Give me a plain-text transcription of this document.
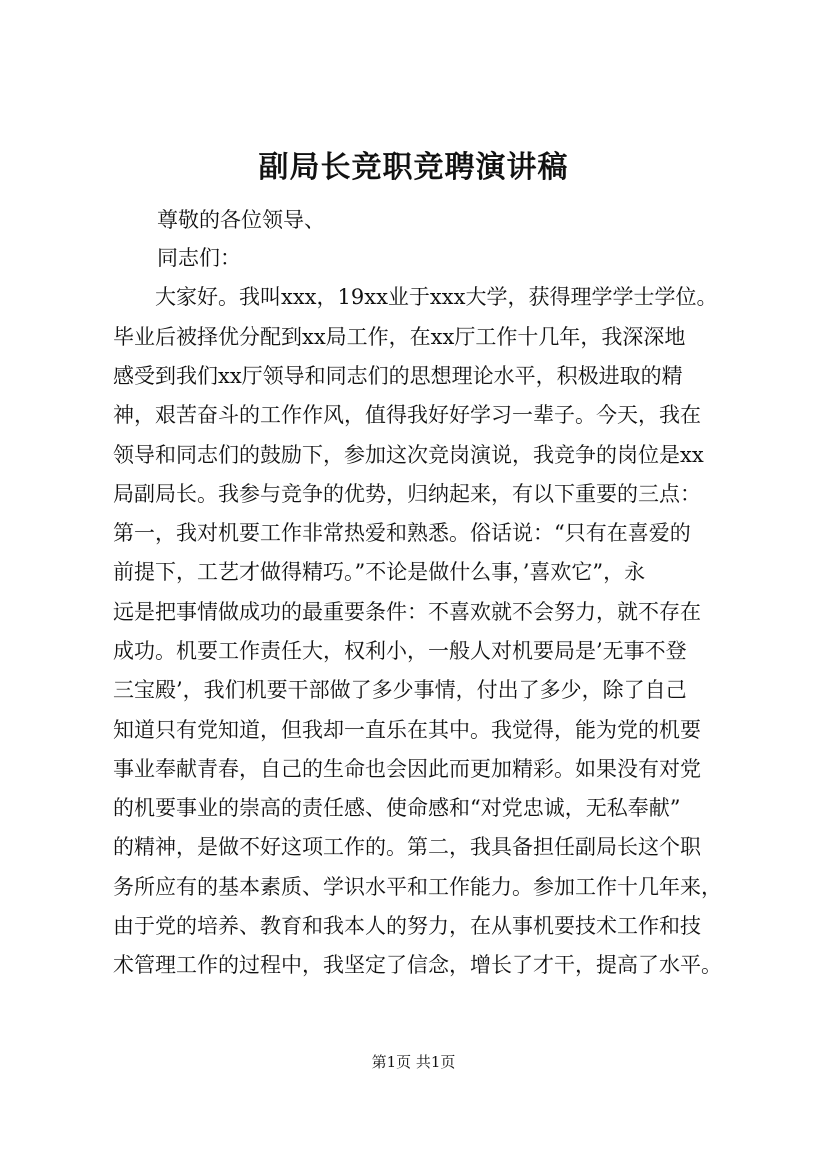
副局长竞职竞聘演讲稿
尊敬的各位领导、
同志们：
大家好。我叫xxx，19xx业于xxx大学，获得理学学士学位。
毕业后被择优分配到xx局工作，在xx厅工作十几年，我深深地
感受到我们xx厅领导和同志们的思想理论水平，积极进取的精
神，艰苦奋斗的工作作风，值得我好好学习一辈子。今天，我在
领导和同志们的鼓励下，参加这次竞岗演说，我竞争的岗位是xx
局副局长。我参与竞争的优势，归纳起来，有以下重要的三点：
第一，我对机要工作非常热爱和熟悉。俗话说：“只有在喜爱的
前提下，工艺才做得精巧。”不论是做什么事，’喜欢它”，永
远是把事情做成功的最重要条件：不喜欢就不会努力，就不存在
成功。机要工作责任大，权利小，一般人对机要局是’无事不登
三宝殿’，我们机要干部做了多少事情，付出了多少，除了自己
知道只有党知道，但我却一直乐在其中。我觉得，能为党的机要
事业奉献青春，自己的生命也会因此而更加精彩。如果没有对党
的机要事业的崇高的责任感、使命感和“对党忠诚，无私奉献”
的精神，是做不好这项工作的。第二，我具备担任副局长这个职
务所应有的基本素质、学识水平和工作能力。参加工作十几年来，
由于党的培养、教育和我本人的努力，在从事机要技术工作和技
术管理工作的过程中，我坚定了信念，增长了才干，提高了水平。
第1页 共1页
